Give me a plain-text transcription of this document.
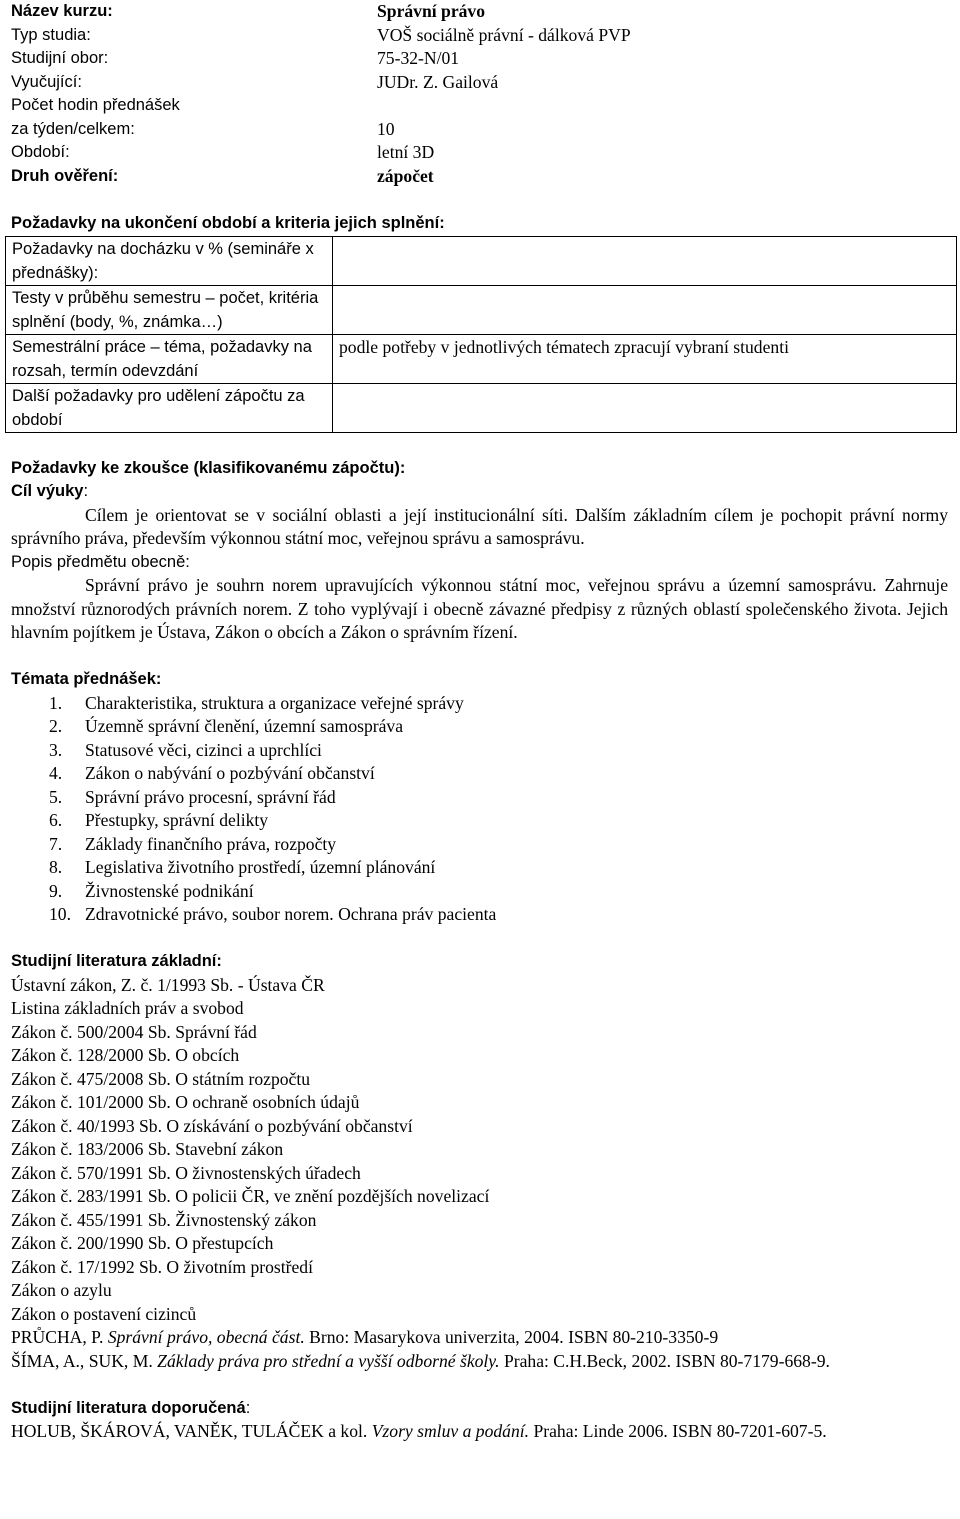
Název kurzu:	Správní právo
Typ studia:	VOŠ sociálně právní - dálková PVP
Studijní obor:	75-32-N/01
Vyučující:	JUDr. Z. Gailová
Počet hodin přednášek
za týden/celkem:	10
Období:	letní 3D
Druh ověření:	zápočet
Požadavky na ukončení období a kriteria jejich splnění:
Požadavky na docházku v % (semináře x přednášky):	
Testy v průběhu semestru – počet, kritéria splnění (body, %, známka…)	
Semestrální práce – téma, požadavky na rozsah, termín odevzdání	podle potřeby v jednotlivých tématech zpracují vybraní studenti
Další požadavky pro udělení zápočtu za období	
Požadavky ke zkoušce (klasifikovanému zápočtu):
Cíl výuky:
Cílem je orientovat se v sociální oblasti a její institucionální síti. Dalším základním cílem je pochopit právní normy správního práva, především výkonnou státní moc, veřejnou správu a samosprávu.
Popis předmětu obecně:
Správní právo je souhrn norem upravujících výkonnou státní moc, veřejnou správu a územní samosprávu. Zahrnuje množství různorodých právních norem. Z toho vyplývají i obecně závazné předpisy z různých oblastí společenského života. Jejich hlavním pojítkem je Ústava, Zákon o obcích a Zákon o správním řízení.
Témata přednášek:
1.	Charakteristika, struktura a organizace veřejné správy
2.	Územně správní členění, územní samospráva
3.	Statusové věci, cizinci a uprchlíci
4.	Zákon o nabývání o pozbývání občanství
5.	Správní právo procesní, správní řád
6.	Přestupky, správní delikty
7.	Základy finančního práva, rozpočty
8.	Legislativa životního prostředí, územní plánování
9.	Živnostenské podnikání
10. Zdravotnické právo, soubor norem. Ochrana práv pacienta
Studijní literatura základní:
Ústavní zákon, Z. č. 1/1993 Sb. - Ústava ČR
Listina základních práv a svobod
Zákon č. 500/2004 Sb. Správní řád
Zákon č. 128/2000 Sb. O obcích
Zákon č. 475/2008 Sb. O státním rozpočtu
Zákon č. 101/2000 Sb. O ochraně osobních údajů
Zákon č. 40/1993 Sb. O získávání o pozbývání občanství
Zákon č. 183/2006 Sb. Stavební zákon
Zákon č. 570/1991 Sb. O živnostenských úřadech
Zákon č. 283/1991 Sb. O policii ČR, ve znění pozdějších novelizací
Zákon č. 455/1991 Sb. Živnostenský zákon
Zákon č. 200/1990 Sb. O přestupcích
Zákon č. 17/1992 Sb. O životním prostředí
Zákon o azylu
Zákon o postavení cizinců
PRŮCHA, P. Správní právo, obecná část. Brno: Masarykova univerzita, 2004. ISBN 80-210-3350-9
ŠÍMA, A., SUK, M. Základy práva pro střední a vyšší odborné školy. Praha: C.H.Beck, 2002. ISBN 80-7179-668-9.
Studijní literatura doporučená:
HOLUB, ŠKÁROVÁ, VANĚK, TULÁČEK a kol. Vzory smluv a podání. Praha: Linde 2006. ISBN 80-7201-607-5.
